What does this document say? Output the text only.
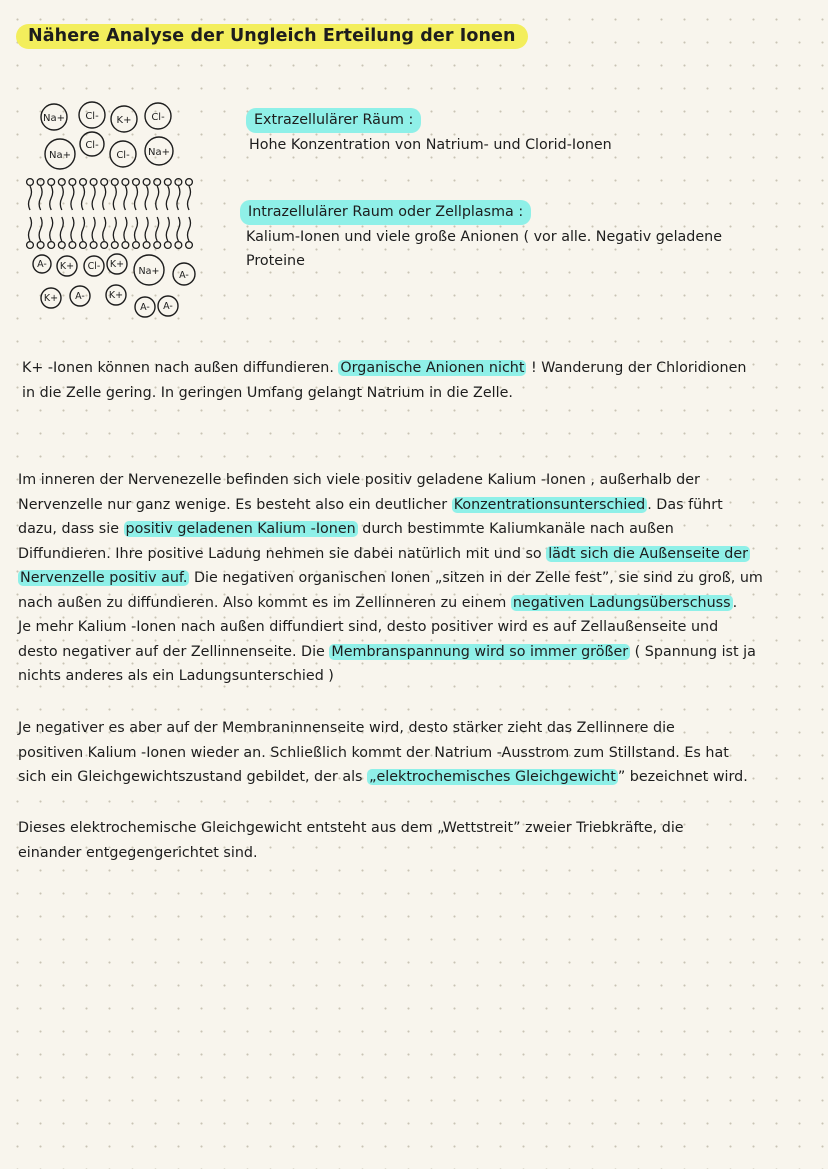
Nähere Analyse der Ungleich Erteilung der Ionen
Na+ Cl- K+ Cl-
Na+
Cl-
Cl- Na+
A- K+ Cl- K+
Na+ A-
K+ A-	K+
A- A-
Extrazellulärer Räum :
Hohe Konzentration von Natrium- und Clorid-Ionen
Intrazellulärer Raum oder Zellplasma :
Kalium-Ionen und viele große Anionen ( vor alle. Negativ geladene
Proteine
K+ -Ionen können nach außen diffundieren. Organische Anionen nicht ! Wanderung der Chloridionen
in die Zelle gering. In geringen Umfang gelangt Natrium in die Zelle.
Im inneren der Nervenezelle befinden sich viele positiv geladene Kalium -Ionen , außerhalb der
Nervenzelle nur ganz wenige. Es besteht also ein deutlicher Konzentrationsunterschied . Das führt
dazu, dass sie positiv geladenen Kalium -Ionen durch bestimmte Kaliumkanäle nach außen
Diffundieren. Ihre positive Ladung nehmen sie dabei natürlich mit und so lädt sich die Außenseite der
Nervenzelle positiv auf. Die negativen organischen Ionen „sitzen in der Zelle fest”, sie sind zu groß, um
nach außen zu diffundieren. Also kommt es im Zellinneren zu einem negativen Ladungsüberschuss .
Je mehr Kalium -Ionen nach außen diffundiert sind, desto positiver wird es auf Zellaußenseite und
desto negativer auf der Zellinnenseite. Die Membranspannung wird so immer größer ( Spannung ist ja
nichts anderes als ein Ladungsunterschied )
Je negativer es aber auf der Membraninnenseite wird, desto stärker zieht das Zellinnere die
positiven Kalium -Ionen wieder an. Schließlich kommt der Natrium -Ausstrom zum Stillstand. Es hat
sich ein Gleichgewichtszustand gebildet, der als „elektrochemisches Gleichgewicht ” bezeichnet wird.
Dieses elektrochemische Gleichgewicht entsteht aus dem „Wettstreit” zweier Triebkräfte, die
einander entgegengerichtet sind.
